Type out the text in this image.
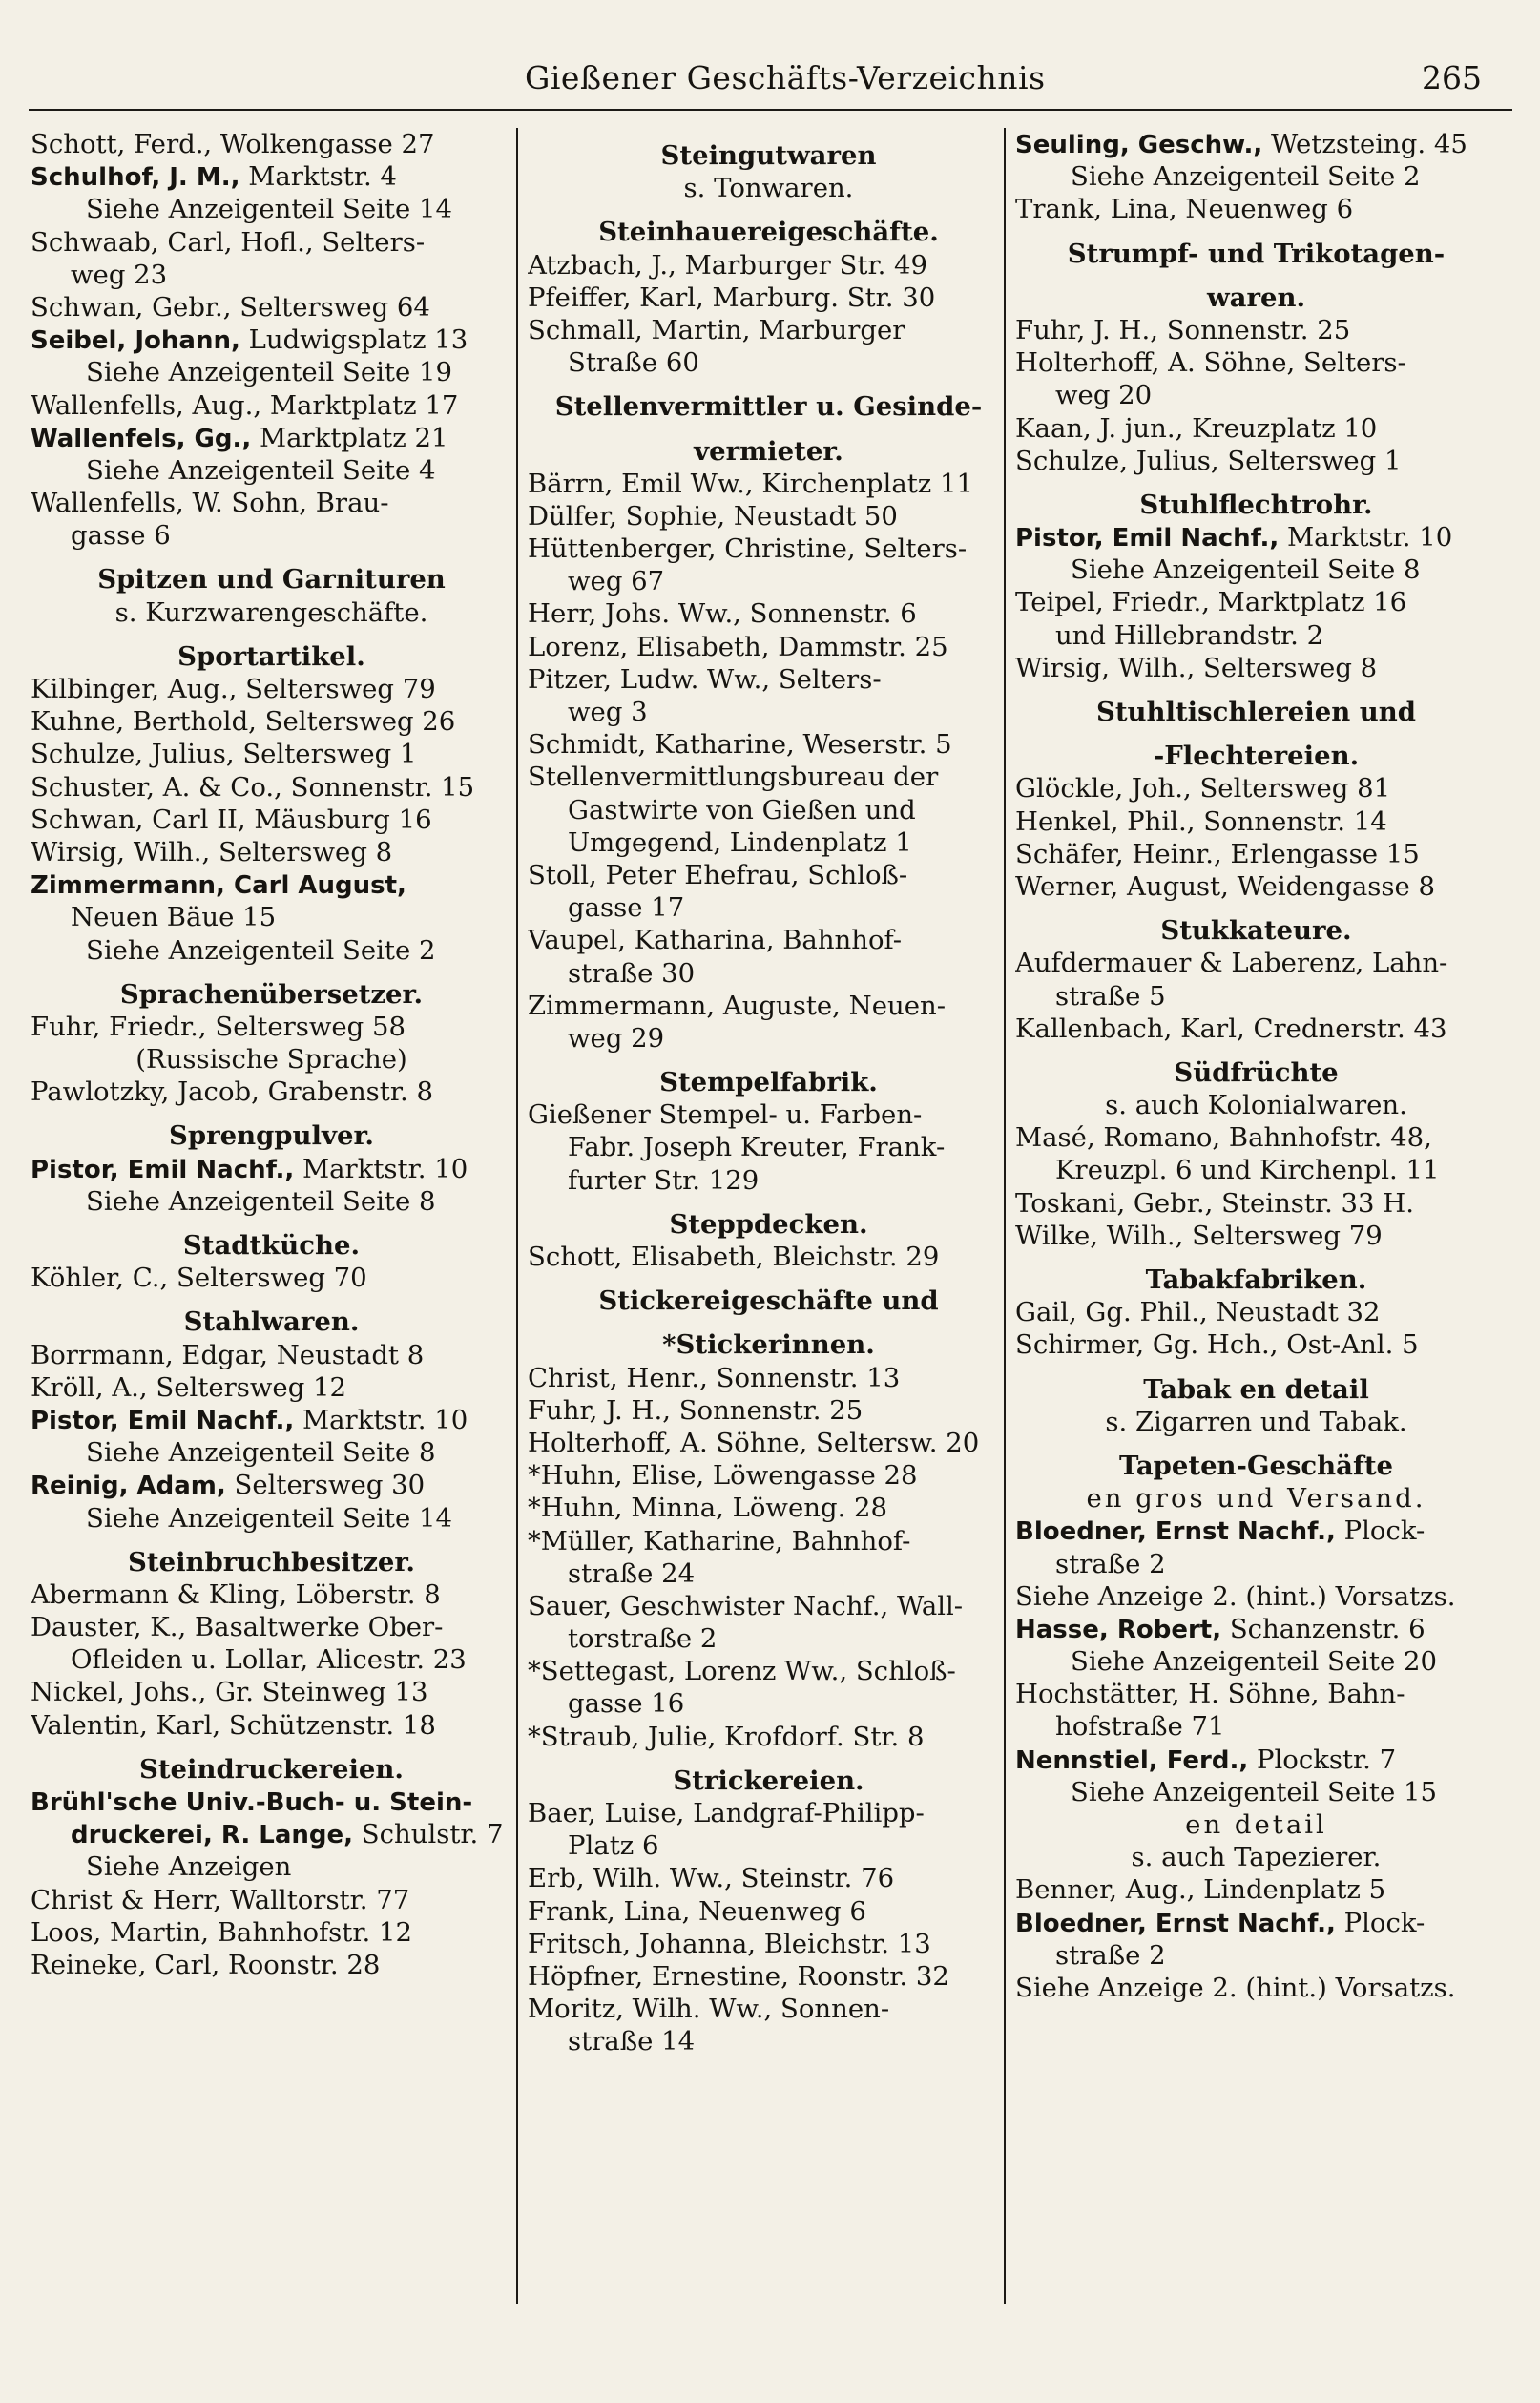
Gießener Geschäfts-Verzeichnis	265
Schott, Ferd., Wolkengasse 27
Schulhof, J. M., Marktstr. 4
Siehe Anzeigenteil Seite 14
Schwaab, Carl, Hofl., Selters-
weg 23
Schwan, Gebr., Seltersweg 64
Seibel, Johann, Ludwigsplatz 13
Siehe Anzeigenteil Seite 19
Wallenfells, Aug., Marktplatz 17
Wallenfels, Gg., Marktplatz 21
Siehe Anzeigenteil Seite 4
Wallenfells, W. Sohn, Brau-
gasse 6
Spitzen und Garnituren
s. Kurzwarengeschäfte.
Sportartikel.
Kilbinger, Aug., Seltersweg 79
Kuhne, Berthold, Seltersweg 26
Schulze, Julius, Seltersweg 1
Schuster, A. & Co., Sonnenstr. 15
Schwan, Carl II, Mäusburg 16
Wirsig, Wilh., Seltersweg 8
Zimmermann, Carl August,
Neuen Bäue 15
Siehe Anzeigenteil Seite 2
Sprachenübersetzer.
Fuhr, Friedr., Seltersweg 58
(Russische Sprache)
Pawlotzky, Jacob, Grabenstr. 8
Sprengpulver.
Pistor, Emil Nachf., Marktstr. 10
Siehe Anzeigenteil Seite 8
Stadtküche.
Köhler, C., Seltersweg 70
Stahlwaren.
Borrmann, Edgar, Neustadt 8
Kröll, A., Seltersweg 12
Pistor, Emil Nachf., Marktstr. 10
Siehe Anzeigenteil Seite 8
Reinig, Adam, Seltersweg 30
Siehe Anzeigenteil Seite 14
Steinbruchbesitzer.
Abermann & Kling, Löberstr. 8
Dauster, K., Basaltwerke Ober-
Ofleiden u. Lollar, Alicestr. 23
Nickel, Johs., Gr. Steinweg 13
Valentin, Karl, Schützenstr. 18
Steindruckereien.
Brühl'sche Univ.-Buch- u. Stein-
druckerei, R. Lange, Schulstr. 7
Siehe Anzeigen
Christ & Herr, Walltorstr. 77
Loos, Martin, Bahnhofstr. 12
Reineke, Carl, Roonstr. 28
Steingutwaren
s. Tonwaren.
Steinhauereigeschäfte.
Atzbach, J., Marburger Str. 49
Pfeiffer, Karl, Marburg. Str. 30
Schmall, Martin, Marburger
Straße 60
Stellenvermittler u. Gesinde-
vermieter.
Bärrn, Emil Ww., Kirchenplatz 11
Dülfer, Sophie, Neustadt 50
Hüttenberger, Christine, Selters-
weg 67
Herr, Johs. Ww., Sonnenstr. 6
Lorenz, Elisabeth, Dammstr. 25
Pitzer, Ludw. Ww., Selters-
weg 3
Schmidt, Katharine, Weserstr. 5
Stellenvermittlungsbureau der
Gastwirte von Gießen und
Umgegend, Lindenplatz 1
Stoll, Peter Ehefrau, Schloß-
gasse 17
Vaupel, Katharina, Bahnhof-
straße 30
Zimmermann, Auguste, Neuen-
weg 29
Stempelfabrik.
Gießener Stempel- u. Farben-
Fabr. Joseph Kreuter, Frank-
furter Str. 129
Steppdecken.
Schott, Elisabeth, Bleichstr. 29
Stickereigeschäfte und
*Stickerinnen.
Christ, Henr., Sonnenstr. 13
Fuhr, J. H., Sonnenstr. 25
Holterhoff, A. Söhne, Seltersw. 20
*Huhn, Elise, Löwengasse 28
*Huhn, Minna, Löweng. 28
*Müller, Katharine, Bahnhof-
straße 24
Sauer, Geschwister Nachf., Wall-
torstraße 2
*Settegast, Lorenz Ww., Schloß-
gasse 16
*Straub, Julie, Krofdorf. Str. 8
Strickereien.
Baer, Luise, Landgraf-Philipp-
Platz 6
Erb, Wilh. Ww., Steinstr. 76
Frank, Lina, Neuenweg 6
Fritsch, Johanna, Bleichstr. 13
Höpfner, Ernestine, Roonstr. 32
Moritz, Wilh. Ww., Sonnen-
straße 14
Seuling, Geschw., Wetzsteing. 45
Siehe Anzeigenteil Seite 2
Trank, Lina, Neuenweg 6
Strumpf- und Trikotagen-
waren.
Fuhr, J. H., Sonnenstr. 25
Holterhoff, A. Söhne, Selters-
weg 20
Kaan, J. jun., Kreuzplatz 10
Schulze, Julius, Seltersweg 1
Stuhlflechtrohr.
Pistor, Emil Nachf., Marktstr. 10
Siehe Anzeigenteil Seite 8
Teipel, Friedr., Marktplatz 16
und Hillebrandstr. 2
Wirsig, Wilh., Seltersweg 8
Stuhltischlereien und
-Flechtereien.
Glöckle, Joh., Seltersweg 81
Henkel, Phil., Sonnenstr. 14
Schäfer, Heinr., Erlengasse 15
Werner, August, Weidengasse 8
Stukkateure.
Aufdermauer & Laberenz, Lahn-
straße 5
Kallenbach, Karl, Crednerstr. 43
Südfrüchte
s. auch Kolonialwaren.
Masé, Romano, Bahnhofstr. 48,
Kreuzpl. 6 und Kirchenpl. 11
Toskani, Gebr., Steinstr. 33 H.
Wilke, Wilh., Seltersweg 79
Tabakfabriken.
Gail, Gg. Phil., Neustadt 32
Schirmer, Gg. Hch., Ost-Anl. 5
Tabak en detail
s. Zigarren und Tabak.
Tapeten-Geschäfte
en gros und Versand.
Bloedner, Ernst Nachf., Plock-
straße 2
Siehe Anzeige 2. (hint.) Vorsatzs.
Hasse, Robert, Schanzenstr. 6
Siehe Anzeigenteil Seite 20
Hochstätter, H. Söhne, Bahn-
hofstraße 71
Nennstiel, Ferd., Plockstr. 7
Siehe Anzeigenteil Seite 15
en detail
s. auch Tapezierer.
Benner, Aug., Lindenplatz 5
Bloedner, Ernst Nachf., Plock-
straße 2
Siehe Anzeige 2. (hint.) Vorsatzs.
